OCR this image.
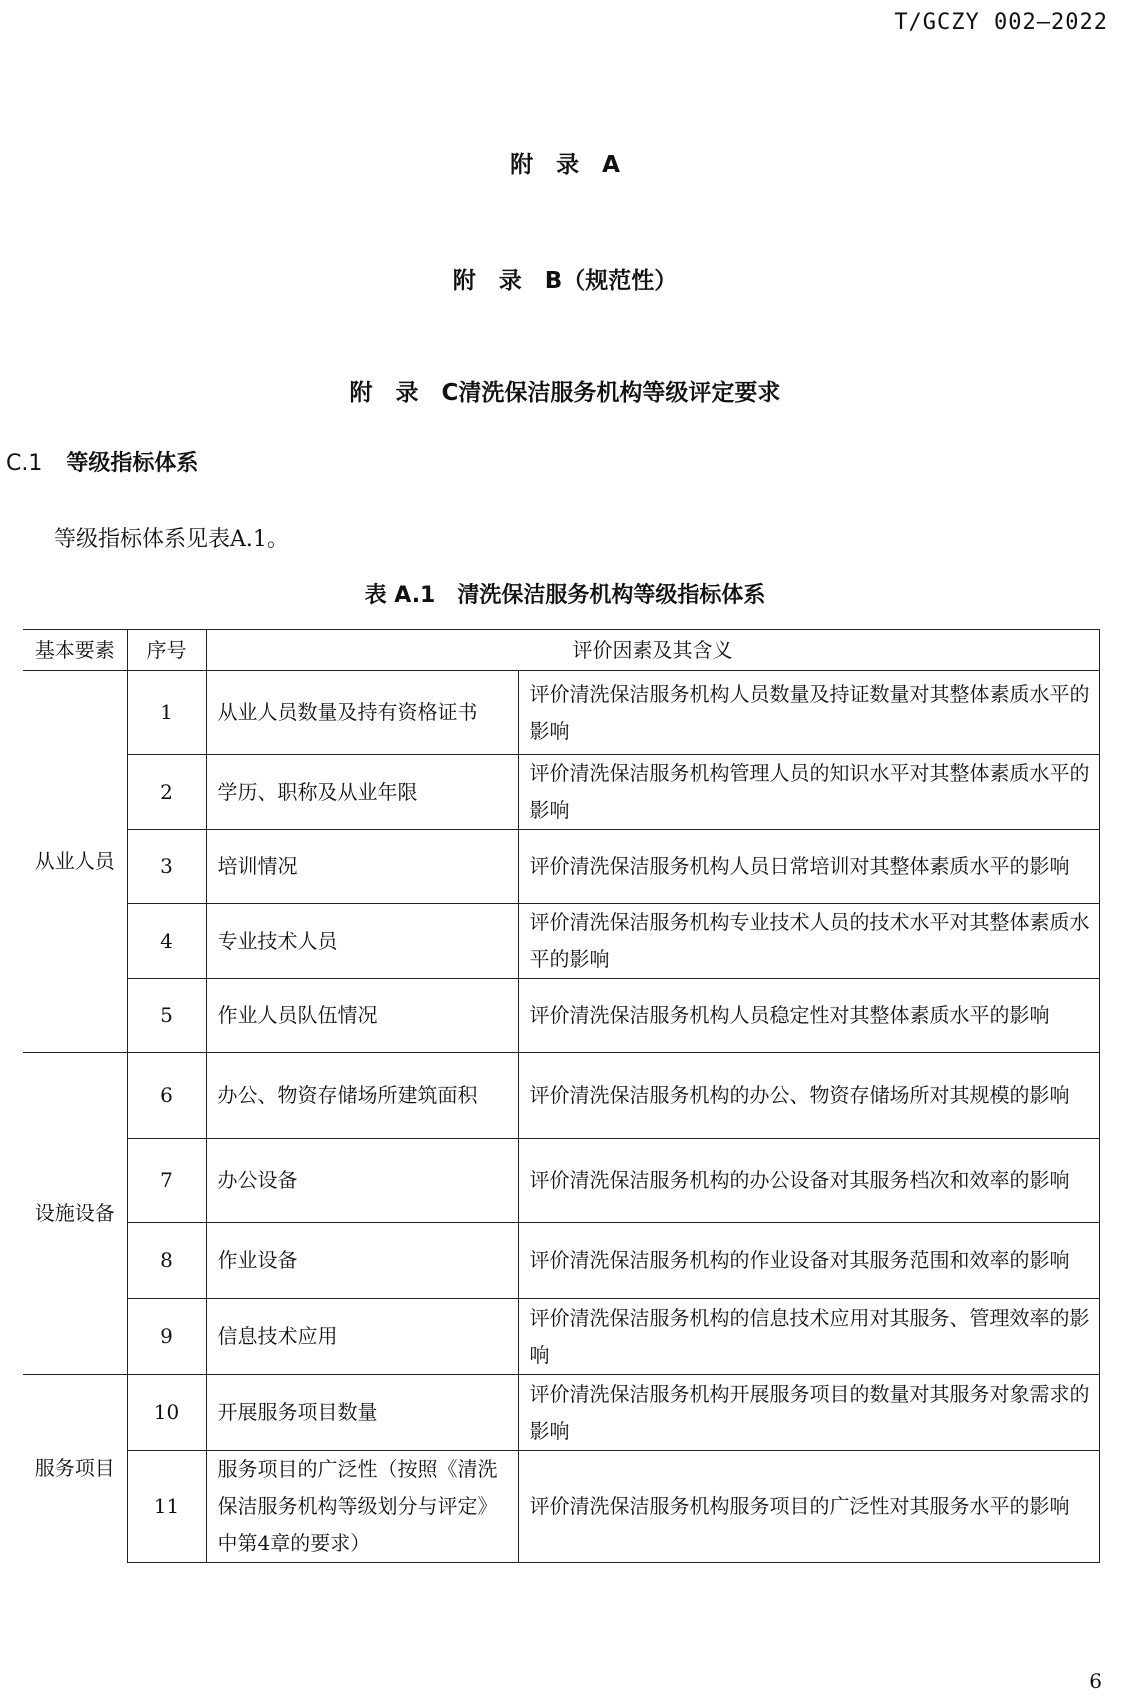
T/GCZY 002—2022
附　录　A
附　录　B（规范性）
附　录　C清洗保洁服务机构等级评定要求
C.1 等级指标体系
等级指标体系见表A.1。
表 A.1　清洗保洁服务机构等级指标体系
基本要素	序号	评价因素及其含义	
从业人员	1	从业人员数量及持有资格证书	评价清洗保洁服务机构人员数量及持证数量对其整体素质水平的影响
	2	学历、职称及从业年限	评价清洗保洁服务机构管理人员的知识水平对其整体素质水平的影响
	3	培训情况	评价清洗保洁服务机构人员日常培训对其整体素质水平的影响
	4	专业技术人员	评价清洗保洁服务机构专业技术人员的技术水平对其整体素质水平的影响
	5	作业人员队伍情况	评价清洗保洁服务机构人员稳定性对其整体素质水平的影响
设施设备	6	办公、物资存储场所建筑面积	评价清洗保洁服务机构的办公、物资存储场所对其规模的影响
	7	办公设备	评价清洗保洁服务机构的办公设备对其服务档次和效率的影响
	8	作业设备	评价清洗保洁服务机构的作业设备对其服务范围和效率的影响
	9	信息技术应用	评价清洗保洁服务机构的信息技术应用对其服务、管理效率的影响
服务项目	10	开展服务项目数量	评价清洗保洁服务机构开展服务项目的数量对其服务对象需求的影响
	11	服务项目的广泛性（按照《清洗保洁服务机构等级划分与评定》中第4章的要求）	评价清洗保洁服务机构服务项目的广泛性对其服务水平的影响
6
